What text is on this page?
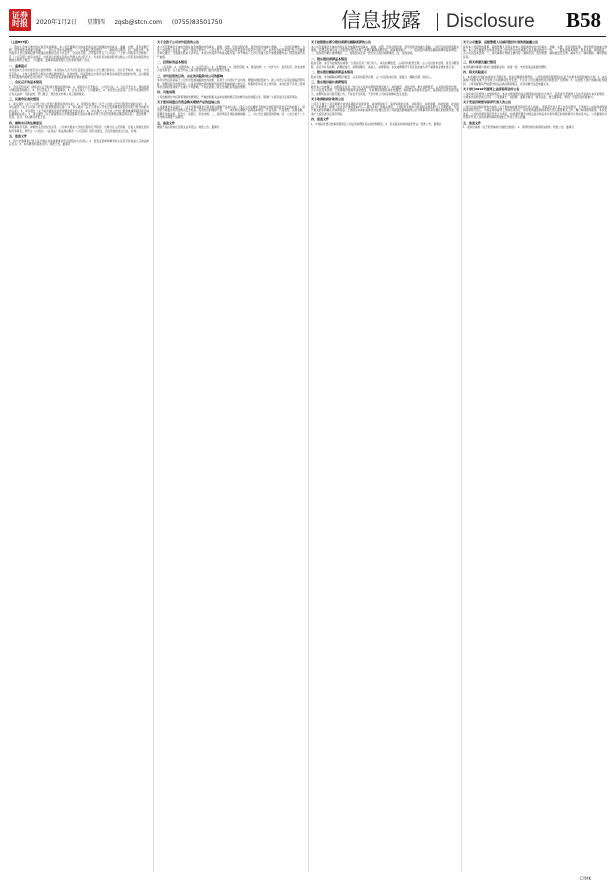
证券时报	2020年1月2日 星期四 zqsb@stcn.com (0755)83501750	信息披露 Disclosure B58
（上接B57版）
二、股东大会审议通过的议案及其他事项。本公司及董事会全体成员保证信息披露的内容真实、准确、完整，没有虚假记载、误导性陈述或重大遗漏。一、会议召开和出席情况；二、议案审议表决情况；三、律师见证情况；四、备查文件。本次股东大会以现场投票与网络投票相结合的方式召开，会议的召集、召开程序符合《公司法》、《上市公司股东大会规则》及《公司章程》的有关规定。出席会议的股东及股东代理人共计若干人，代表有表决权的股份总数占公司有表决权股份总数的比例符合规定。公司董事、监事和高级管理人员出席或列席了会议。
一、重要提示
本次股东大会未出现否决议案的情形；本次股东大会不涉及变更以往股东大会已通过的决议。会议召开时间、地点、方式及召集人、主持人等均符合相关法律法规的规定。表决结果：同意股数占出席会议有效表决权股份总数的比例，反对股数及弃权股数均按规定进行统计。中小投资者表决情况单独计票并披露。
二、会议召开的基本情况
1、会议召开时间：现场会议召开时间及网络投票时间。2、现场会议召开地点：公司会议室。3、会议召开方式：现场投票与网络投票相结合。4、会议召集人：公司董事会。5、会议主持人：公司董事长。6、本次会议的召集、召开与表决程序符合有关法律、行政法规、部门规章、规范性文件和公司章程的规定。
三、议案审议表决情况
1、审议通过《关于公司符合非公开发行股票条件的议案》；2、逐项审议通过《关于公司非公开发行股票方案的议案》；3、审议通过《关于公司非公开发行股票预案的议案》；4、审议通过《关于公司非公开发行股票募集资金使用可行性分析报告的议案》；5、审议通过《关于前次募集资金使用情况报告的议案》；6、审议通过《关于非公开发行股票摊薄即期回报及填补措施的议案》；7、审议通过《关于提请股东大会授权董事会全权办理本次非公开发行股票相关事宜的议案》。表决结果：同意、反对、弃权情况详见上表。
四、律师出具的法律意见
律师事务所名称、律师姓名及结论性意见：公司本次股东大会的召集和召开程序、出席会议人员资格、召集人资格及表决程序等事宜，均符合《公司法》、《证券法》等法律法规及《公司章程》的有关规定，会议形成的决议合法、有效。
五、备查文件
1、经与会董事和记录人签字确认并加盖董事会印章的股东大会决议；2、经见证的律师事务所主任签字并加盖公章的法律意见书；3、本所要求的其他文件。特此公告。董事会
关于全资子公司对外投资的公告
本公司及董事会全体成员保证信息披露的内容真实、准确、完整，没有虚假记载、误导性陈述或重大遗漏。一、对外投资概述：为进一步拓展公司业务，提升公司综合竞争力，公司全资子公司拟以自有资金对外投资设立新公司。本次对外投资事项已经公司董事会审议通过，无需提交股东大会审议。本次对外投资不构成关联交易，亦不构成《上市公司重大资产重组管理办法》规定的重大资产重组。
二、投资标的基本情况
1、公司名称；2、注册资本；3、法定代表人；4、注册地址；5、经营范围；6、股权结构；7、出资方式：货币出资，资金来源为自有资金。以上信息均以工商行政管理部门最终核准登记为准。
三、对外投资的目的、存在的风险和对公司的影响
本次对外投资是基于公司长远发展战略做出的决策，有利于公司优化产业布局，增强持续经营能力。新公司设立后可能面临经营风险、管理风险及市场风险，公司将加强内部控制和风险防范机制的建立和运行，积极防范和应对上述风险。本次投资不会对公司财务状况和经营成果产生重大不利影响，不存在损害公司及全体股东利益的情形。
四、其他说明
公司将根据对外投资事项的进展情况，严格按照相关法律法规的规定及时履行信息披露义务，敬请广大投资者注意投资风险。
关于使用闲置自有资金购买理财产品的进展公告
公司董事会审议通过了《关于使用闲置自有资金购买理财产品的议案》，同意公司在确保不影响正常经营和资金安全的前提下，使用部分闲置自有资金购买安全性高、流动性好的理财产品。一、本次购买理财产品的基本情况：产品名称、产品类型、认购金额、预期年化收益率、起息日、到期日、资金来源。二、投资风险及风险控制措施。三、对公司日常经营的影响。四、公告日前十二个月内购买理财产品情况。
五、备查文件
理财产品认购协议及相关业务凭证。特此公告。董事会
关于控股股东部分股份质押及解除质押的公告
本公司及董事会全体成员保证信息披露的内容真实、准确、完整，没有虚假记载、误导性陈述或重大遗漏。公司近日接到控股股东通知，获悉其所持有本公司的部分股份办理了质押及解除质押手续，具体事项如下：一、股东股份质押及解除质押的基本情况；二、股东股份累计质押情况；三、控股股东及其一致行动人股份质押情况；四、其他说明。
一、股东股份质押基本情况
股东名称、是否为控股股东或第一大股东及其一致行动人、本次质押数量、占其所持股份比例、占公司总股本比例、是否为限售股、是否为补充质押、质押起始日、质押到期日、质权人、质押用途。本次质押股份不涉及负担重大资产重组等业绩补偿义务。
二、股东股份解除质押基本情况
股东名称、本次解除质押股份数量、占其所持股份比例、占公司总股本比例、起始日、解除日期、质权人。
三、股东股份累计质押情况
截至本公告披露日，控股股东及其一致行动人所持质押股份情况如下：持股数量、持股比例、累计质押数量、占其所持股份比例、占公司总股本比例、已质押股份限售和冻结数量、未质押股份限售和冻结数量。控股股东资信状况良好，具备相应的资金偿还能力，质押风险在可控范围之内，不存在平仓风险，不会导致公司实际控制权发生变更。
关于收到政府补助的公告
公司及下属子公司近期累计收到各项政府补助资金，具体情况如下：获得补助的主体、补助项目、补助金额、补助依据、收到时间、补助类型。根据《企业会计准则第16号——政府补助》的相关规定，上述政府补助中与收益相关的补助计入当期损益，与资产相关的补助确认为递延收益。上述政府补助的具体会计处理以及对公司损益的影响最终以会计师事务所审计确认的结果为准，敬请广大投资者注意投资风险。
四、备查文件
1、中国证券登记结算有限责任公司证券质押及司法冻结明细表；2、有关政府补助的收款凭证。特此公告。董事会
关于公司董事、高级管理人员减持股份计划的预披露公告
持有本公司股份的董事、高级管理人员保证向本公司提供的信息内容真实、准确、完整，没有虚假记载、误导性陈述或重大遗漏。本公司及董事会全体成员保证公告内容与信息披露义务人提供的信息一致。一、股东的基本情况：股东名称、持股数量、占公司总股本比例。二、本次减持计划的主要内容：减持原因、股份来源、减持数量及比例、减持方式、减持期间、减持价格区间。
三、相关承诺及履行情况
本次拟减持事项与此前已披露的意向、承诺一致，未出现违反承诺的情形。
四、相关风险提示
1、本次减持计划的实施存在不确定性，股东将根据市场情况、公司股价情况等情形决定是否实施本次股份减持计划；2、本次减持计划的实施不会导致公司控制权发生变更，不会对公司治理结构及持续经营产生影响；3、在按照上述计划减持股份期间，公司将督促其严格遵守相关法律法规的规定，并及时履行信息披露义务。
关于举行2019年度网上业绩说明会的公告
公司将举行年度网上业绩说明会，本次业绩说明会将采用网络远程的方式举行，投资者可登录网上互动平台参与本次说明会。出席本次说明会的人员有：公司董事长、总经理、董事会秘书、财务总监、独立董事等。欢迎广大投资者积极参与。
关于变更持续督导保荐代表人的公告
公司近日收到保荐机构出具的《关于更换持续督导保荐代表人的函》，原保荐代表人因工作变动原因，不再担任公司持续督导期间的保荐代表人。为保证持续督导工作的有序进行，保荐机构委派新的保荐代表人接替相关工作，履行持续督导职责。本次变更后，公司持续督导保荐代表人为两名，持续督导期至中国证监会和证券交易所规定的持续督导义务结束为止。公司董事会对原保荐代表人在持续督导期间所做的工作表示衷心感谢。
五、备查文件
1、股东出具的《关于股份减持计划的告知函》；2、保荐机构出具的相关函件。特此公告。董事会
CYMK
